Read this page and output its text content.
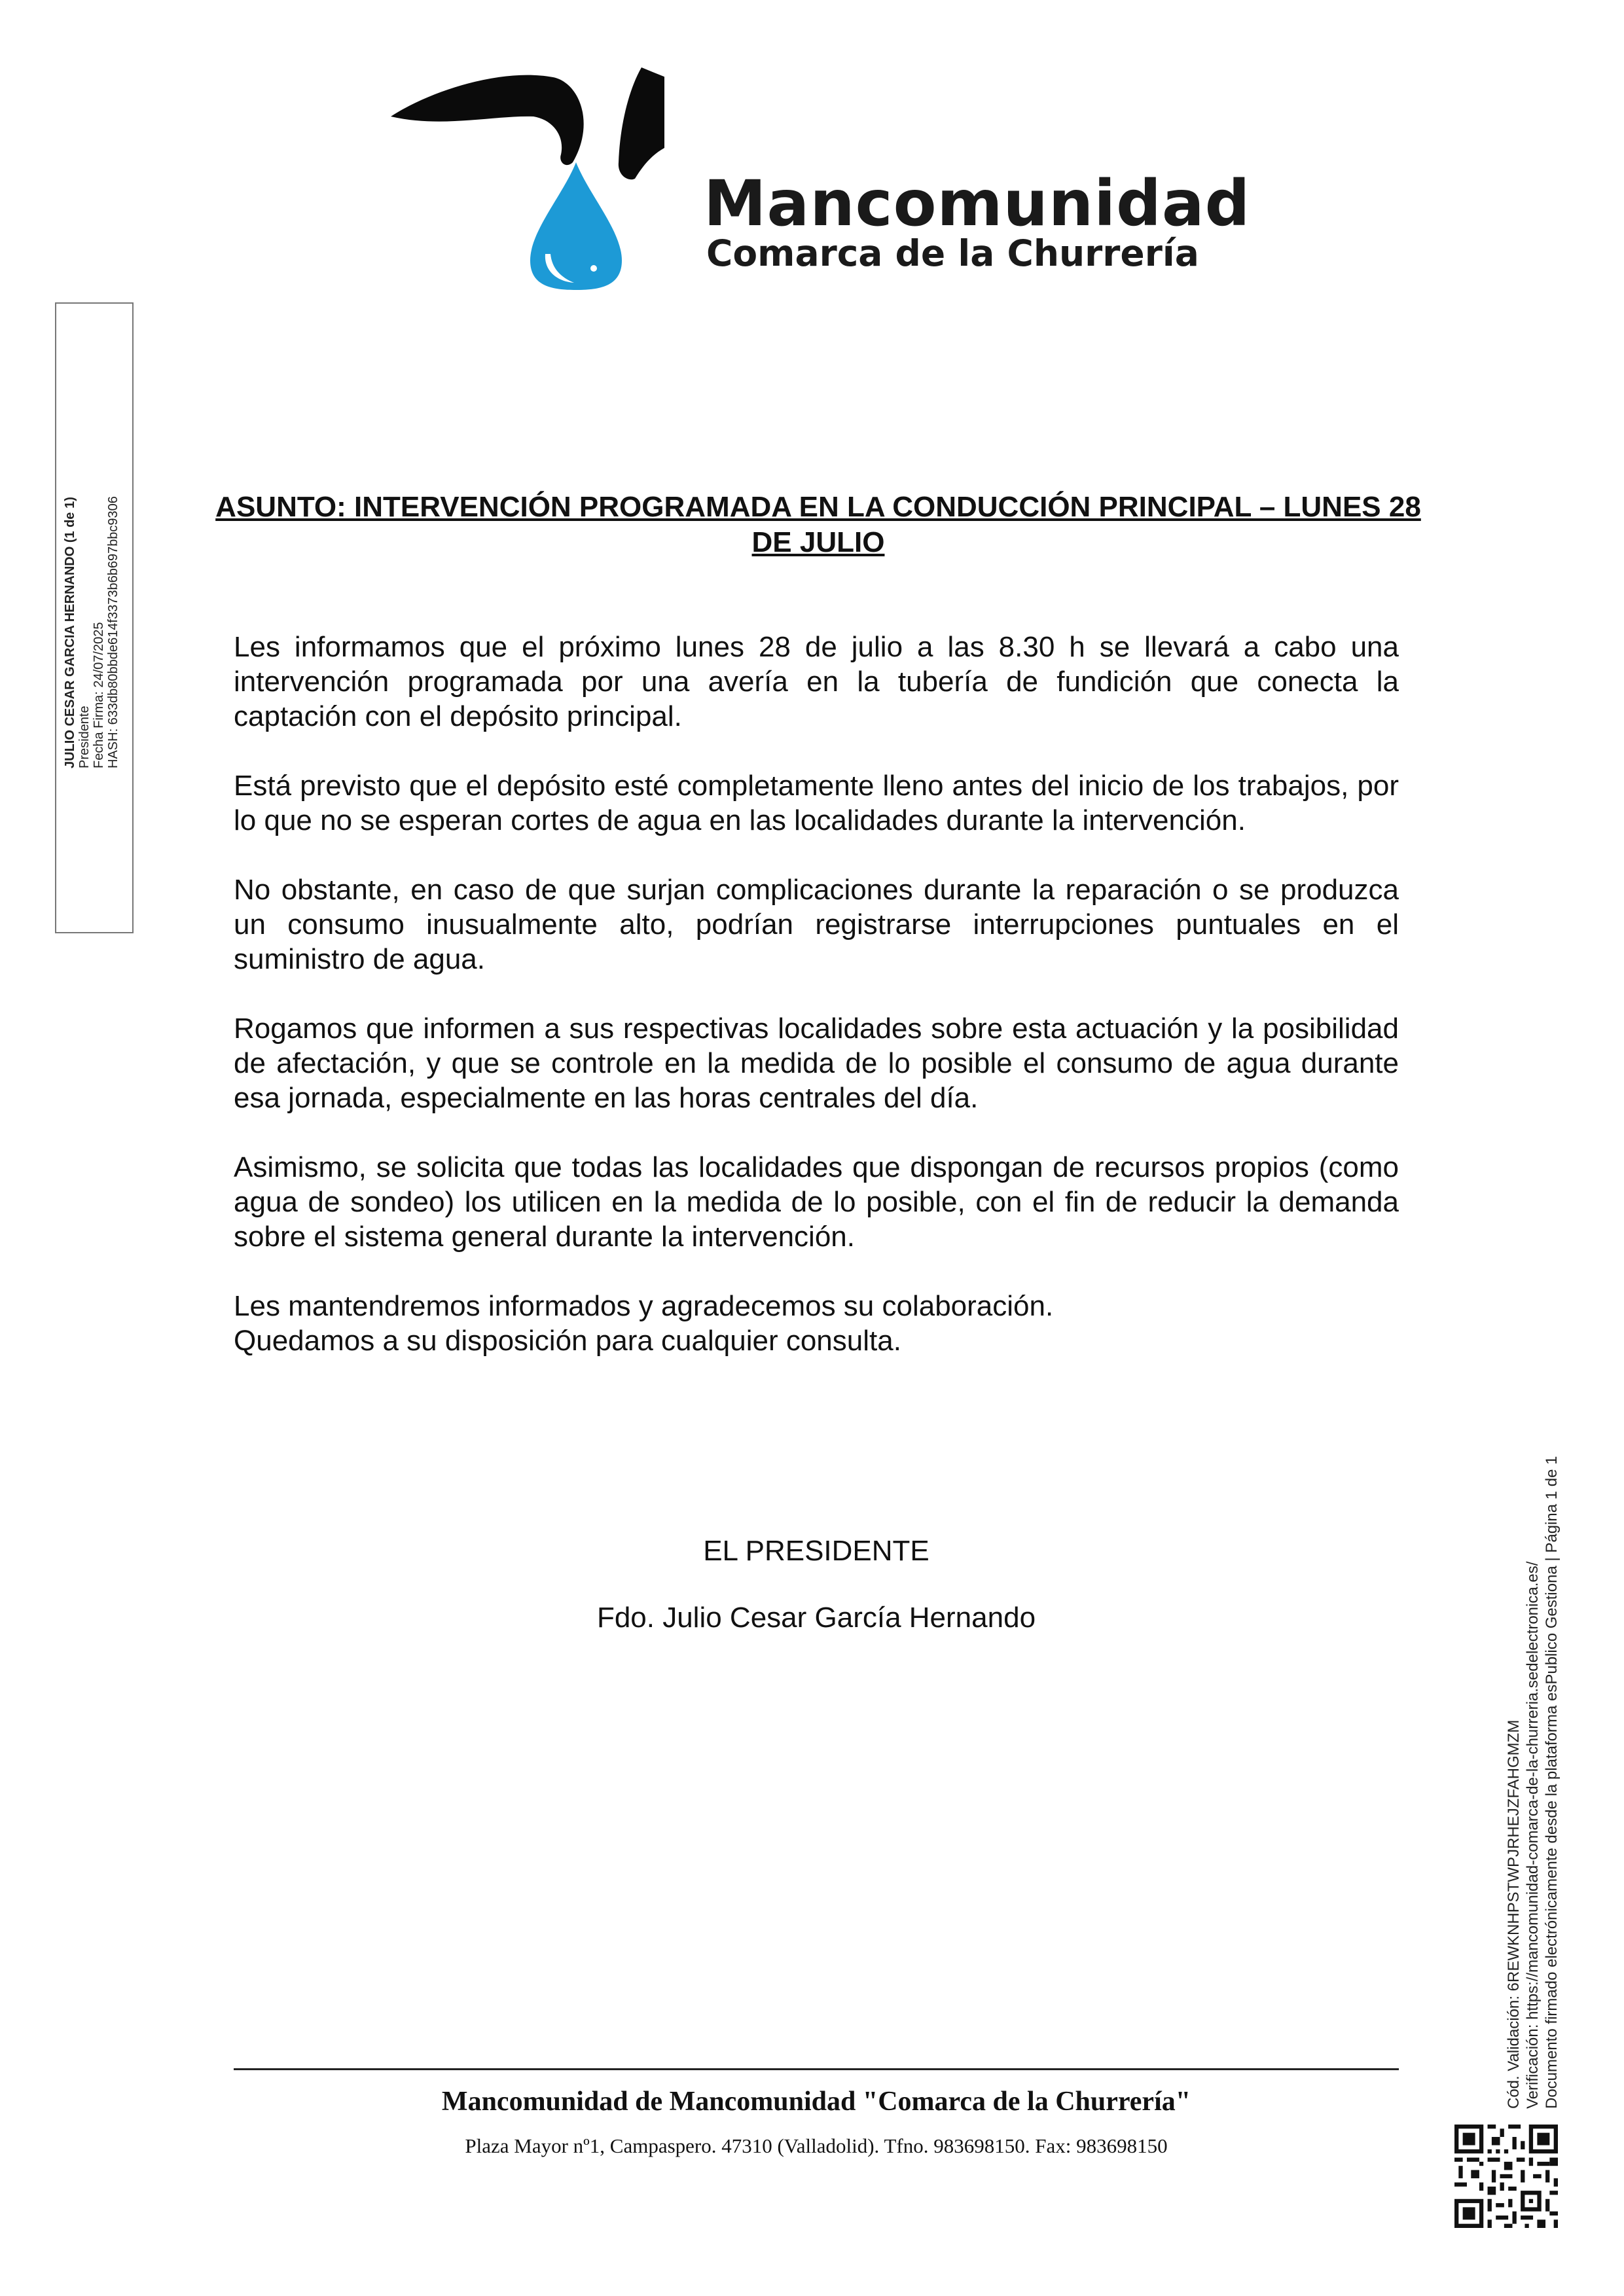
Mancomunidad
Comarca de la Churrería
JULIO CESAR GARCIA HERNANDO (1 de 1) Presidente Fecha Firma: 24/07/2025 HASH: 633db80bbde614f3373b6b697bbc9306	ASUNTO: INTERVENCIÓN PROGRAMADA EN LA CONDUCCIÓN PRINCIPAL – LUNES 28 DE JULIO

Les informamos que el próximo lunes 28 de julio a las 8.30 h se llevará a cabo una intervención programada por una avería en la tubería de fundición que conecta la captación con el depósito principal.

Está previsto que el depósito esté completamente lleno antes del inicio de los trabajos, por lo que no se esperan cortes de agua en las localidades durante la intervención.

No obstante, en caso de que surjan complicaciones durante la reparación o se produzca un consumo inusualmente alto, podrían registrarse interrupciones puntuales en el suministro de agua.

Rogamos que informen a sus respectivas localidades sobre esta actuación y la posibilidad de afectación, y que se controle en la medida de lo posible el consumo de agua durante esa jornada, especialmente en las horas centrales del día.

Asimismo, se solicita que todas las localidades que dispongan de recursos propios (como agua de sondeo) los utilicen en la medida de lo posible, con el fin de reducir la demanda sobre el sistema general durante la intervención.

Les mantendremos informados y agradecemos su colaboración.
Quedamos a su disposición para cualquier consulta.

EL PRESIDENTE

Fdo. Julio Cesar García Hernando

Mancomunidad de Mancomunidad "Comarca de la Churrería"

Plaza Mayor nº1, Campaspero. 47310 (Valladolid). Tfno. 983698150. Fax: 983698150

Cód. Validación: 6REWKNHPSTWPJRHEJZFAHGMZM Verificación: https://mancomunidad-comarca-de-la-churreria.sedelectronica.es/ Documento firmado electrónicamente desde la plataforma esPublico Gestiona | Página 1 de 1
